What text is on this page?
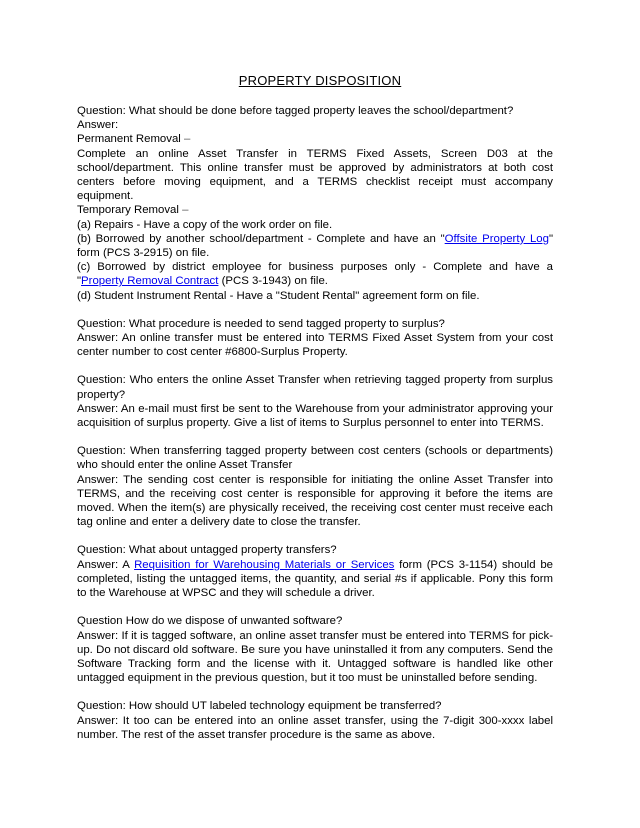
PROPERTY DISPOSITION

Question: What should be done before tagged property leaves the school/department?

Answer:

Permanent Removal –

Complete an online Asset Transfer in TERMS Fixed Assets, Screen D03 at the school/department. This online transfer must be approved by administrators at both cost centers before moving equipment, and a TERMS checklist receipt must accompany equipment.

Temporary Removal –

(a) Repairs - Have a copy of the work order on file.

(b) Borrowed by another school/department - Complete and have an "Offsite Property Log" form (PCS 3-2915) on file.

(c) Borrowed by district employee for business purposes only - Complete and have a "Property Removal Contract (PCS 3-1943) on file.

(d) Student Instrument Rental - Have a "Student Rental" agreement form on file.

Question: What procedure is needed to send tagged property to surplus?

Answer: An online transfer must be entered into TERMS Fixed Asset System from your cost center number to cost center #6800-Surplus Property.

Question: Who enters the online Asset Transfer when retrieving tagged property from surplus property?

Answer: An e-mail must first be sent to the Warehouse from your administrator approving your acquisition of surplus property. Give a list of items to Surplus personnel to enter into TERMS.

Question: When transferring tagged property between cost centers (schools or departments) who should enter the online Asset Transfer

Answer: The sending cost center is responsible for initiating the online Asset Transfer into TERMS, and the receiving cost center is responsible for approving it before the items are moved. When the item(s) are physically received, the receiving cost center must receive each tag online and enter a delivery date to close the transfer.

Question: What about untagged property transfers?

Answer: A Requisition for Warehousing Materials or Services form (PCS 3-1154) should be completed, listing the untagged items, the quantity, and serial #s if applicable. Pony this form to the Warehouse at WPSC and they will schedule a driver.

Question How do we dispose of unwanted software?

Answer: If it is tagged software, an online asset transfer must be entered into TERMS for pick-up. Do not discard old software. Be sure you have uninstalled it from any computers. Send the Software Tracking form and the license with it. Untagged software is handled like other untagged equipment in the previous question, but it too must be uninstalled before sending.

Question: How should UT labeled technology equipment be transferred?

Answer: It too can be entered into an online asset transfer, using the 7-digit 300-xxxx label number. The rest of the asset transfer procedure is the same as above.
